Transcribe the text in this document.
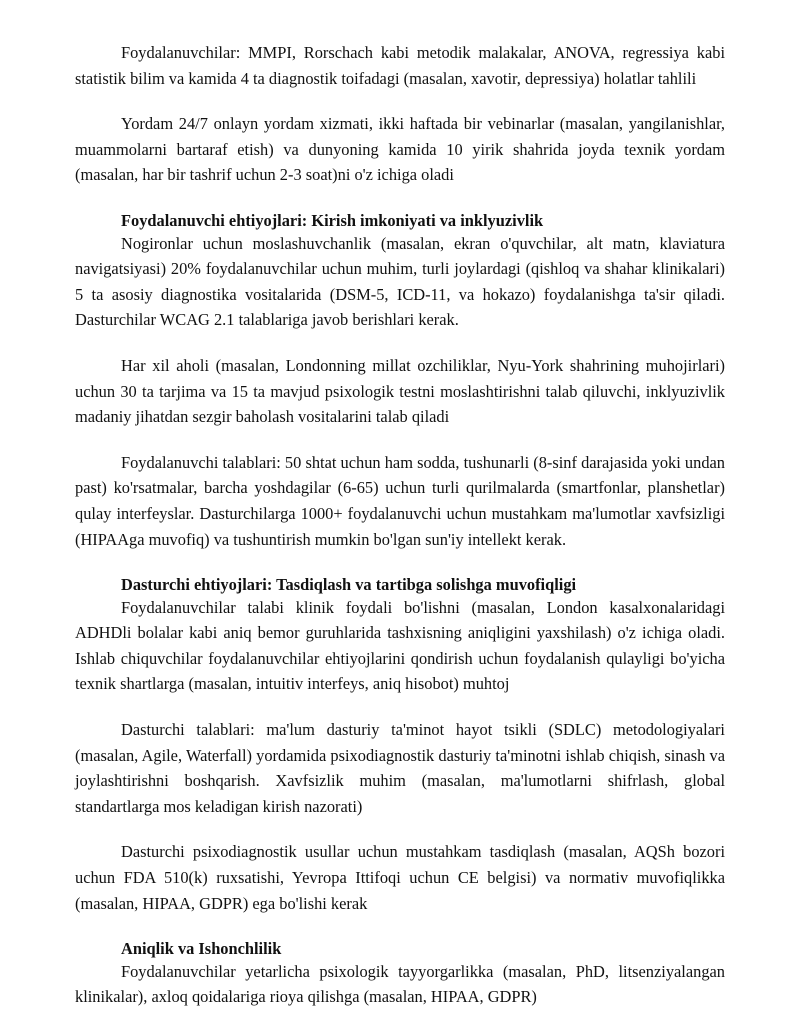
Foydalanuvchilar: MMPI, Rorschach kabi metodik malakalar, ANOVA, regressiya kabi statistik bilim va kamida 4 ta diagnostik toifadagi (masalan, xavotir, depressiya) holatlar tahlili

Yordam 24/7 onlayn yordam xizmati, ikki haftada bir vebinarlar (masalan, yangilanishlar, muammolarni bartaraf etish) va dunyoning kamida 10 yirik shahrida joyda texnik yordam (masalan, har bir tashrif uchun 2-3 soat)ni o'z ichiga oladi

Foydalanuvchi ehtiyojlari: Kirish imkoniyati va inklyuzivlik

Nogironlar uchun moslashuvchanlik (masalan, ekran o'quvchilar, alt matn, klaviatura navigatsiyasi) 20% foydalanuvchilar uchun muhim, turli joylardagi (qishloq va shahar klinikalari) 5 ta asosiy diagnostika vositalarida (DSM-5, ICD-11, va hokazo) foydalanishga ta'sir qiladi. Dasturchilar WCAG 2.1 talablariga javob berishlari kerak.

Har xil aholi (masalan, Londonning millat ozchiliklar, Nyu-York shahrining muhojirlari) uchun 30 ta tarjima va 15 ta mavjud psixologik testni moslashtirishni talab qiluvchi, inklyuzivlik madaniy jihatdan sezgir baholash vositalarini talab qiladi

Foydalanuvchi talablari: 50 shtat uchun ham sodda, tushunarli (8-sinf darajasida yoki undan past) ko'rsatmalar, barcha yoshdagilar (6-65) uchun turli qurilmalarda (smartfonlar, planshetlar) qulay interfeyslar. Dasturchilarga 1000+ foydalanuvchi uchun mustahkam ma'lumotlar xavfsizligi (HIPAAga muvofiq) va tushuntirish mumkin bo'lgan sun'iy intellekt kerak.

Dasturchi ehtiyojlari: Tasdiqlash va tartibga solishga muvofiqligi

Foydalanuvchilar talabi klinik foydali bo'lishni (masalan, London kasalxonalaridagi ADHDli bolalar kabi aniq bemor guruhlarida tashxisning aniqligini yaxshilash) o'z ichiga oladi. Ishlab chiquvchilar foydalanuvchilar ehtiyojlarini qondirish uchun foydalanish qulayligi bo'yicha texnik shartlarga (masalan, intuitiv interfeys, aniq hisobot) muhtoj

Dasturchi talablari: ma'lum dasturiy ta'minot hayot tsikli (SDLC) metodologiyalari (masalan, Agile, Waterfall) yordamida psixodiagnostik dasturiy ta'minotni ishlab chiqish, sinash va joylashtirishni boshqarish. Xavfsizlik muhim (masalan, ma'lumotlarni shifrlash, global standartlarga mos keladigan kirish nazorati)

Dasturchi psixodiagnostik usullar uchun mustahkam tasdiqlash (masalan, AQSh bozori uchun FDA 510(k) ruxsatishi, Yevropa Ittifoqi uchun CE belgisi) va normativ muvofiqlikka (masalan, HIPAA, GDPR) ega bo'lishi kerak

Aniqlik va Ishonchlilik

Foydalanuvchilar yetarlicha psixologik tayyorgarlikka (masalan, PhD, litsenziyalangan klinikalar), axloq qoidalariga rioya qilishga (masalan, HIPAA, GDPR)
